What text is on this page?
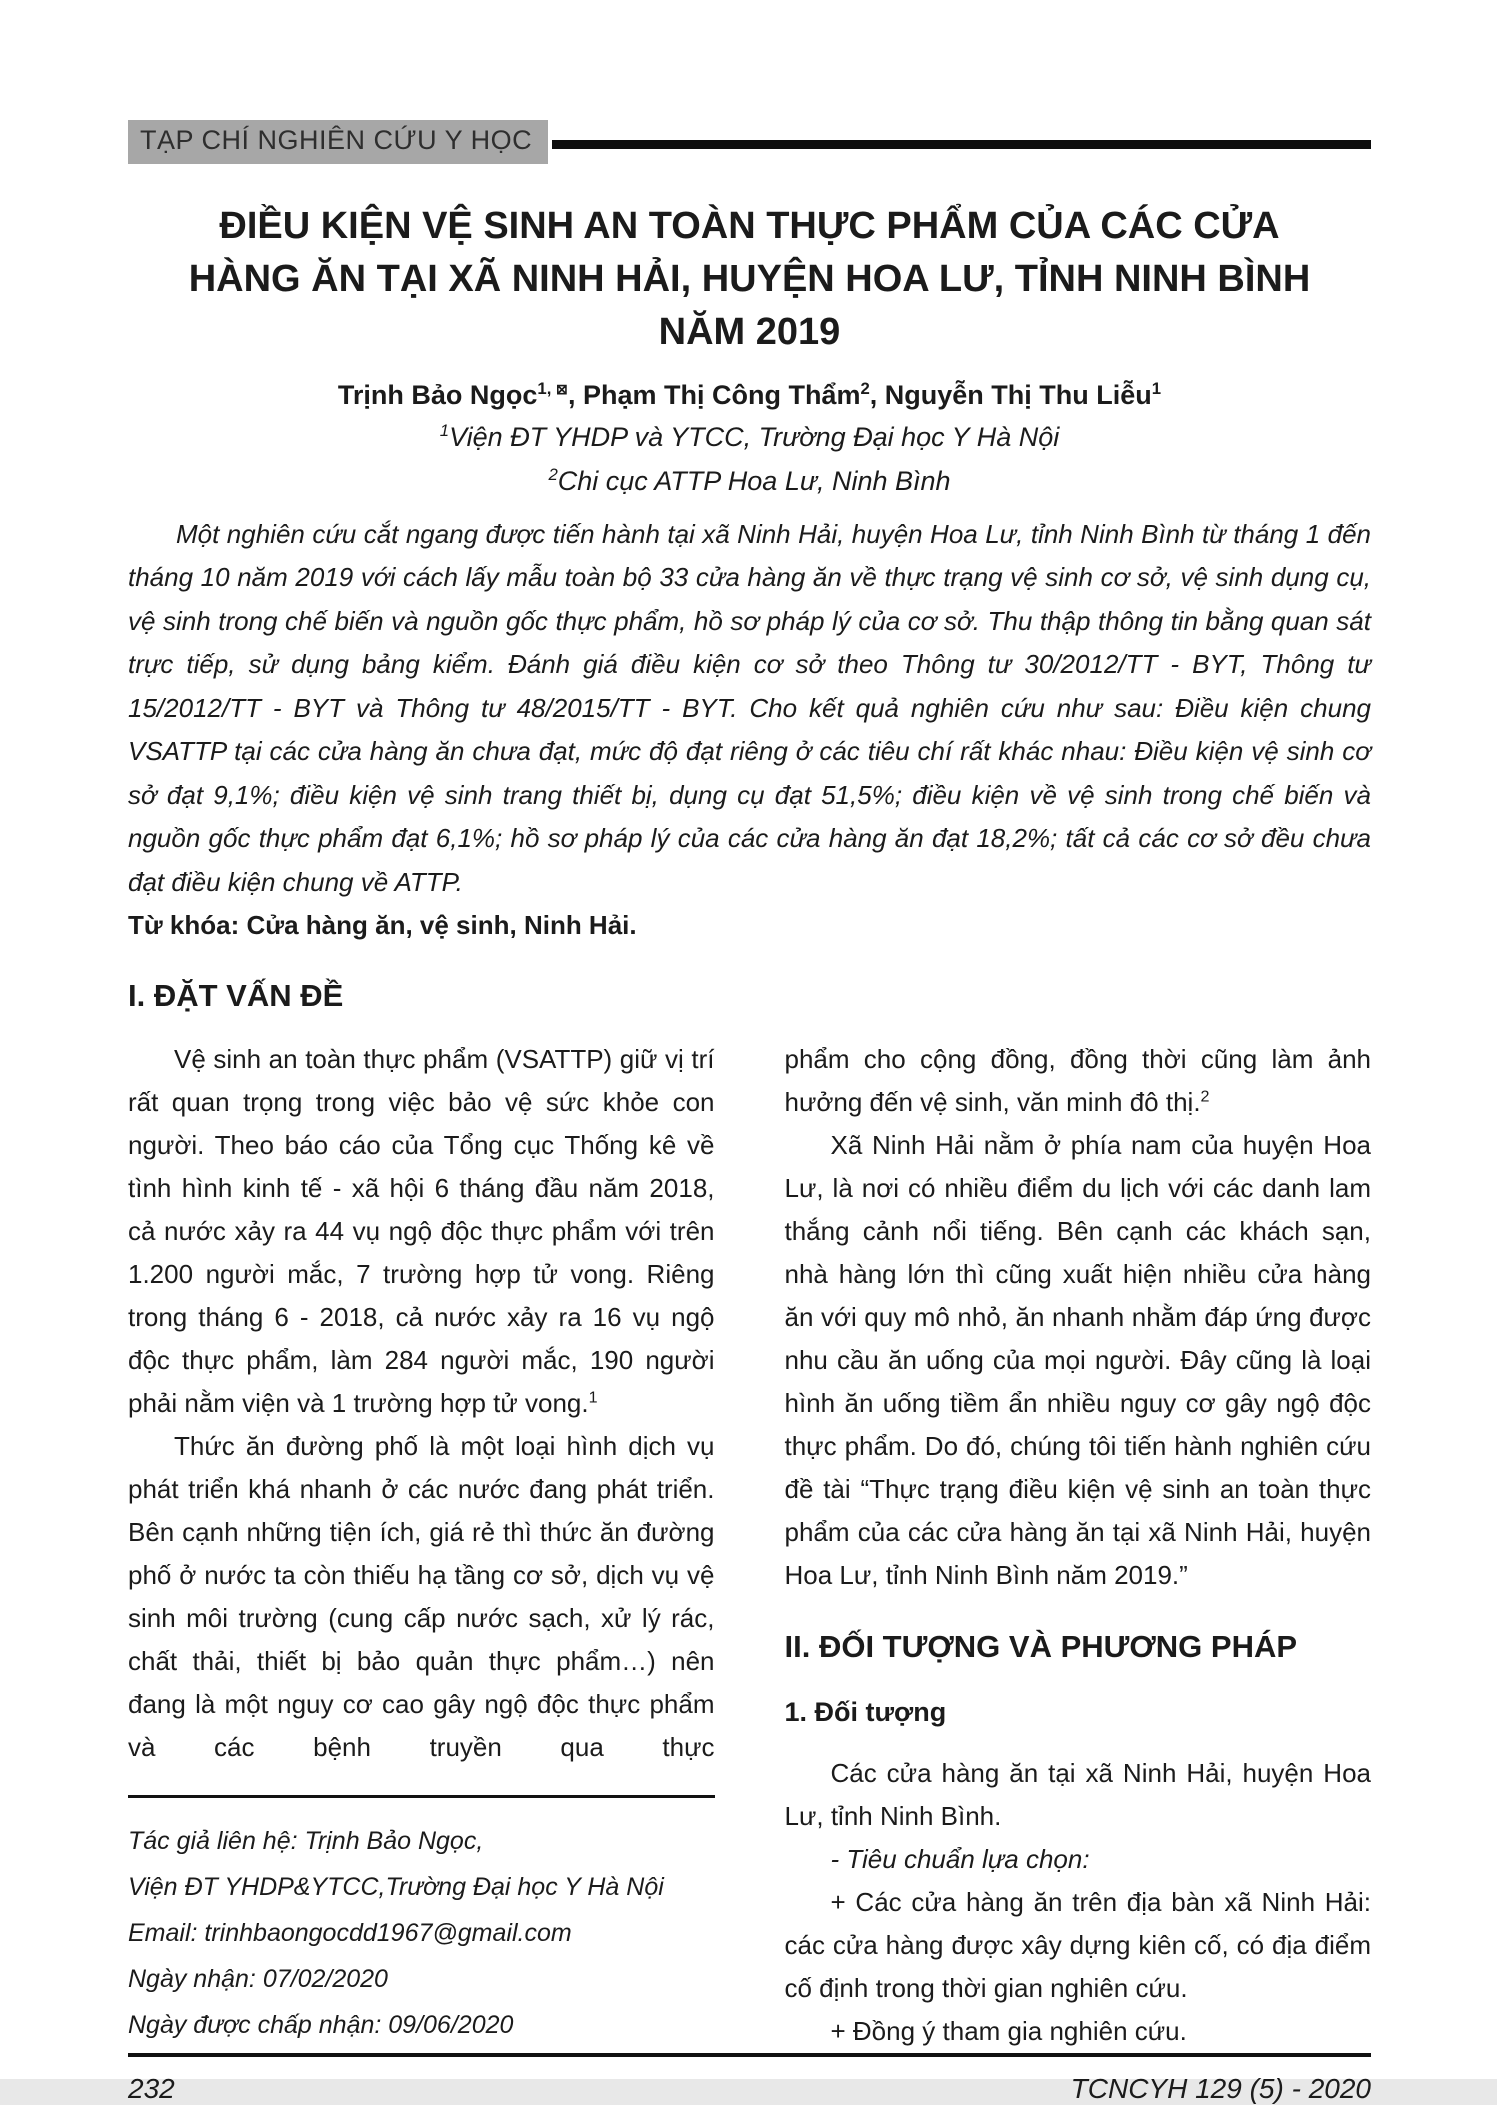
TẠP CHÍ NGHIÊN CỨU Y HỌC
ĐIỀU KIỆN VỆ SINH AN TOÀN THỰC PHẨM CỦA CÁC CỬA
HÀNG ĂN TẠI XÃ NINH HẢI, HUYỆN HOA LƯ, TỈNH NINH BÌNH
NĂM 2019
Trịnh Bảo Ngọc$^{1, ⊠}$, Phạm Thị Công Thẩm$^2$, Nguyễn Thị Thu Liễu$^1$
$^1$Viện ĐT YHDP và YTCC, Trường Đại học Y Hà Nội
$^2$Chi cục ATTP Hoa Lư, Ninh Bình
Một nghiên cứu cắt ngang được tiến hành tại xã Ninh Hải, huyện Hoa Lư, tỉnh Ninh Bình từ tháng 1 đến tháng 10 năm 2019 với cách lấy mẫu toàn bộ 33 cửa hàng ăn về thực trạng vệ sinh cơ sở, vệ sinh dụng cụ, vệ sinh trong chế biến và nguồn gốc thực phẩm, hồ sơ pháp lý của cơ sở. Thu thập thông tin bằng quan sát trực tiếp, sử dụng bảng kiểm. Đánh giá điều kiện cơ sở theo Thông tư 30/2012/TT - BYT, Thông tư 15/2012/TT - BYT và Thông tư 48/2015/TT - BYT. Cho kết quả nghiên cứu như sau: Điều kiện chung VSATTP tại các cửa hàng ăn chưa đạt, mức độ đạt riêng ở các tiêu chí rất khác nhau: Điều kiện vệ sinh cơ sở đạt 9,1%; điều kiện vệ sinh trang thiết bị, dụng cụ đạt 51,5%; điều kiện về vệ sinh trong chế biến và nguồn gốc thực phẩm đạt 6,1%; hồ sơ pháp lý của các cửa hàng ăn đạt 18,2%; tất cả các cơ sở đều chưa đạt điều kiện chung về ATTP.
Từ khóa: Cửa hàng ăn, vệ sinh, Ninh Hải.
I. ĐẶT VẤN ĐỀ

Vệ sinh an toàn thực phẩm (VSATTP) giữ vị trí rất quan trọng trong việc bảo vệ sức khỏe con người. Theo báo cáo của Tổng cục Thống kê về tình hình kinh tế - xã hội 6 tháng đầu năm 2018, cả nước xảy ra 44 vụ ngộ độc thực phẩm với trên 1.200 người mắc, 7 trường hợp tử vong. Riêng trong tháng 6 - 2018, cả nước xảy ra 16 vụ ngộ độc thực phẩm, làm 284 người mắc, 190 người phải nằm viện và 1 trường hợp tử vong.$^1$

Thức ăn đường phố là một loại hình dịch vụ phát triển khá nhanh ở các nước đang phát triển. Bên cạnh những tiện ích, giá rẻ thì thức ăn đường phố ở nước ta còn thiếu hạ tầng cơ sở, dịch vụ vệ sinh môi trường (cung cấp nước sạch, xử lý rác, chất thải, thiết bị bảo quản thực phẩm…) nên đang là một nguy cơ cao gây ngộ độc thực phẩm và các bệnh truyền qua thực

Tác giả liên hệ: Trịnh Bảo Ngọc,
Viện ĐT YHDP&YTCC,Trường Đại học Y Hà Nội
Email: trinhbaongocdd1967@gmail.com
Ngày nhận: 07/02/2020
Ngày được chấp nhận: 09/06/2020

phẩm cho cộng đồng, đồng thời cũng làm ảnh hưởng đến vệ sinh, văn minh đô thị.$^2$

Xã Ninh Hải nằm ở phía nam của huyện Hoa Lư, là nơi có nhiều điểm du lịch với các danh lam thắng cảnh nổi tiếng. Bên cạnh các khách sạn, nhà hàng lớn thì cũng xuất hiện nhiều cửa hàng ăn với quy mô nhỏ, ăn nhanh nhằm đáp ứng được nhu cầu ăn uống của mọi người. Đây cũng là loại hình ăn uống tiềm ẩn nhiều nguy cơ gây ngộ độc thực phẩm. Do đó, chúng tôi tiến hành nghiên cứu đề tài “Thực trạng điều kiện vệ sinh an toàn thực phẩm của các cửa hàng ăn tại xã Ninh Hải, huyện Hoa Lư, tỉnh Ninh Bình năm 2019.”

II. ĐỐI TƯỢNG VÀ PHƯƠNG PHÁP
1. Đối tượng

Các cửa hàng ăn tại xã Ninh Hải, huyện Hoa Lư, tỉnh Ninh Bình.

- Tiêu chuẩn lựa chọn:

+ Các cửa hàng ăn trên địa bàn xã Ninh Hải: các cửa hàng được xây dựng kiên cố, có địa điểm cố định trong thời gian nghiên cứu.

+ Đồng ý tham gia nghiên cứu.

232	TCNCYH 129 (5) - 2020
